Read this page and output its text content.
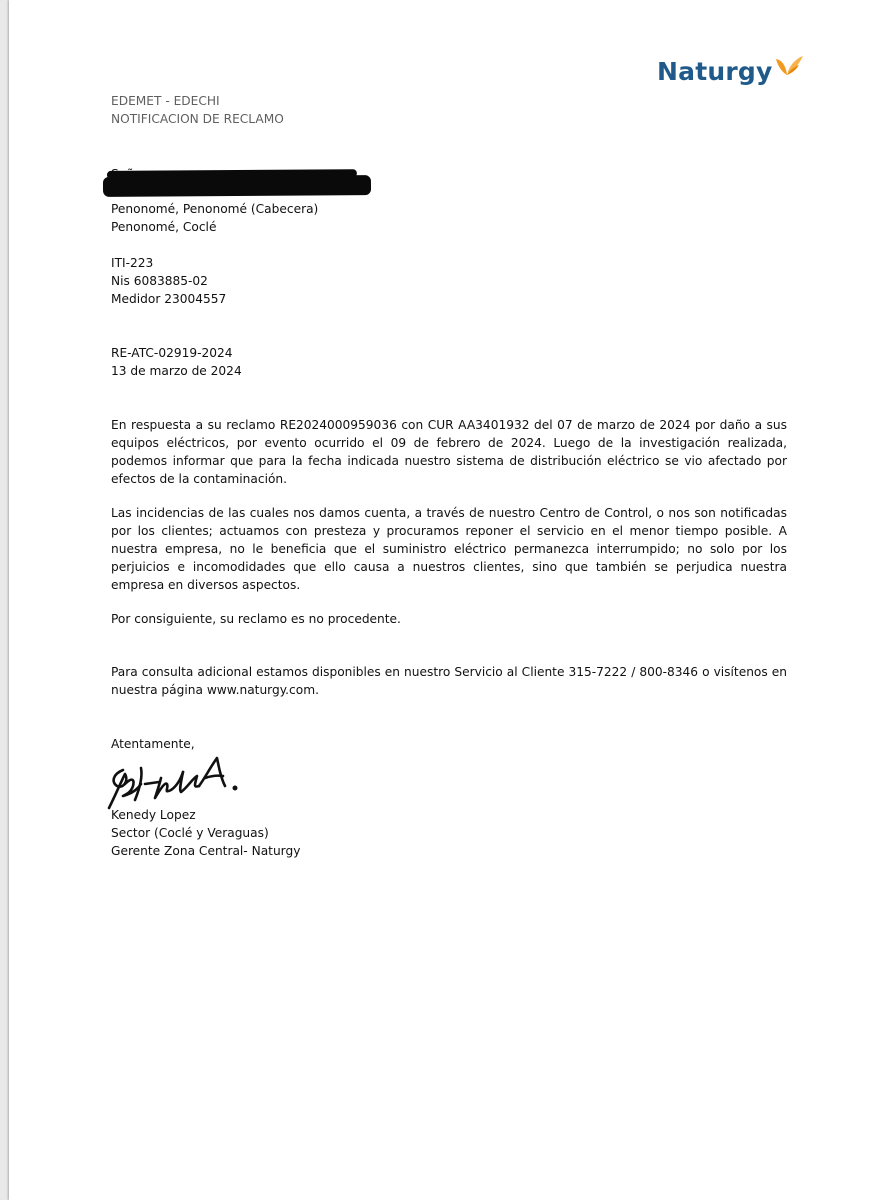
Naturgy
EDEMET - EDECHI
NOTIFICACION DE RECLAMO
Penonomé, Penonomé (Cabecera)
Penonomé, Coclé
ITI-223
Nis 6083885-02
Medidor 23004557
RE-ATC-02919-2024
13 de marzo de 2024
En respuesta a su reclamo RE2024000959036 con CUR AA3401932 del 07 de marzo de 2024 por daño a sus equipos eléctricos, por evento ocurrido el 09 de febrero de 2024. Luego de la investigación realizada, podemos informar que para la fecha indicada nuestro sistema de distribución eléctrico se vio afectado por efectos de la contaminación.
Las incidencias de las cuales nos damos cuenta, a través de nuestro Centro de Control, o nos son notificadas por los clientes; actuamos con presteza y procuramos reponer el servicio en el menor tiempo posible. A nuestra empresa, no le beneficia que el suministro eléctrico permanezca interrumpido; no solo por los perjuicios e incomodidades que ello causa a nuestros clientes, sino que también se perjudica nuestra empresa en diversos aspectos.
Por consiguiente, su reclamo es no procedente.
Para consulta adicional estamos disponibles en nuestro Servicio al Cliente 315-7222 / 800-8346 o visítenos en nuestra página www.naturgy.com.
Atentamente,
Kenedy Lopez
Sector (Coclé y Veraguas)
Gerente Zona Central- Naturgy
